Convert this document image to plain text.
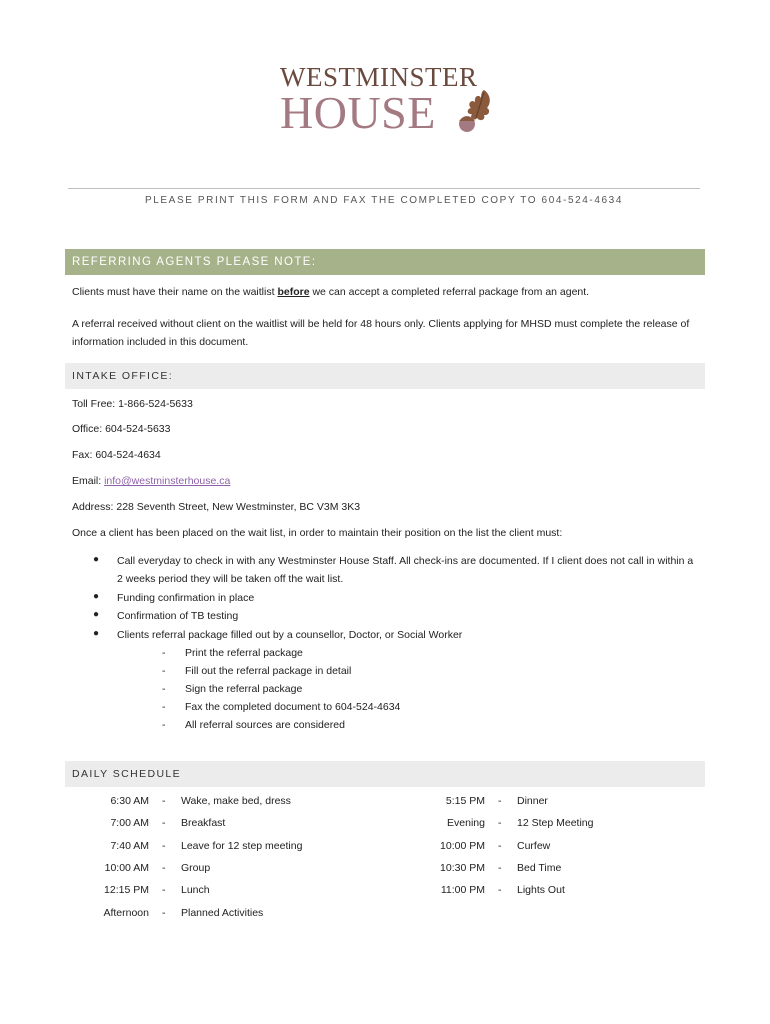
WESTMINSTER
HOUSE
PLEASE PRINT THIS FORM AND FAX THE COMPLETED COPY TO 604-524-4634
REFERRING AGENTS PLEASE NOTE:
Clients must have their name on the waitlist before we can accept a completed referral package from an agent.
A referral received without client on the waitlist will be held for 48 hours only. Clients applying for MHSD must complete the release of information included in this document.
INTAKE OFFICE:
Toll Free: 1-866-524-5633
Office: 604-524-5633
Fax: 604-524-4634
Email: info@westminsterhouse.ca
Address: 228 Seventh Street, New Westminster, BC V3M 3K3
Once a client has been placed on the wait list, in order to maintain their position on the list the client must:
● Call everyday to check in with any Westminster House Staff. All check-ins are documented. If I client does not call in within a 2 weeks period they will be taken off the wait list.
● Funding confirmation in place
● Confirmation of TB testing
● Clients referral package filled out by a counsellor, Doctor, or Social Worker
- Print the referral package
- Fill out the referral package in detail
- Sign the referral package
- Fax the completed document to 604-524-4634
- All referral sources are considered
DAILY SCHEDULE
6:30 AM - Wake, make bed, dress
7:00 AM - Breakfast
7:40 AM - Leave for 12 step meeting
10:00 AM - Group
12:15 PM - Lunch
Afternoon - Planned Activities
5:15 PM - Dinner
Evening - 12 Step Meeting
10:00 PM - Curfew
10:30 PM - Bed Time
11:00 PM - Lights Out
